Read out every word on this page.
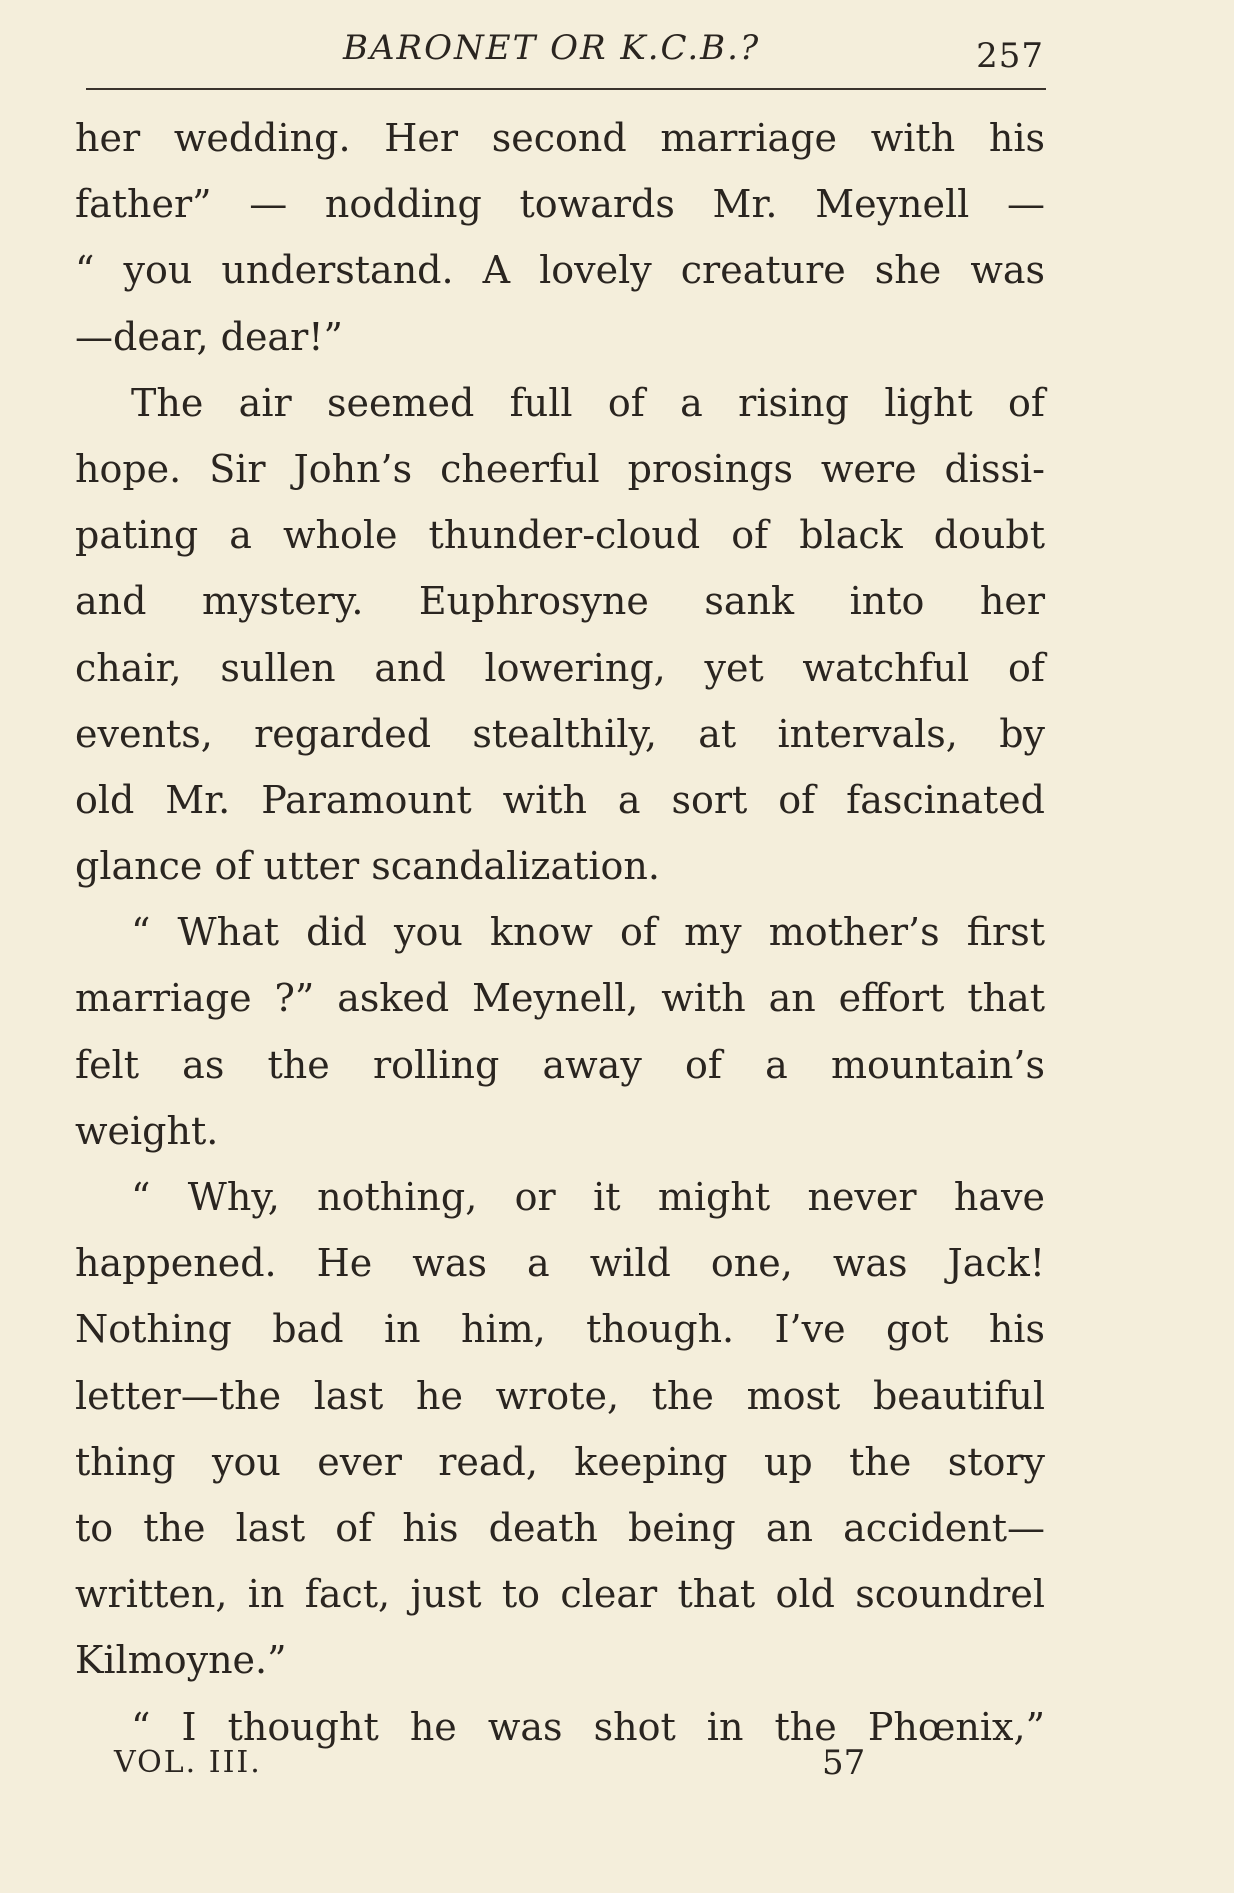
BARONET OR K.C.B.?	257
her wedding. Her second marriage with his
father” — nodding towards Mr. Meynell —
“ you understand. A lovely creature she was
—dear, dear!”
The air seemed full of a rising light of
hope. Sir John’s cheerful prosings were dissi-
pating a whole thunder-cloud of black doubt
and mystery. Euphrosyne sank into her
chair, sullen and lowering, yet watchful of
events, regarded stealthily, at intervals, by
old Mr. Paramount with a sort of fascinated
glance of utter scandalization.
“ What did you know of my mother’s first
marriage ?” asked Meynell, with an effort that
felt as the rolling away of a mountain’s
weight.
“ Why, nothing, or it might never have
happened. He was a wild one, was Jack!
Nothing bad in him, though. I’ve got his
letter—the last he wrote, the most beautiful
thing you ever read, keeping up the story
to the last of his death being an accident—
written, in fact, just to clear that old scoundrel
Kilmoyne.”
“ I thought he was shot in the Phœnix,”
VOL. III.	57
